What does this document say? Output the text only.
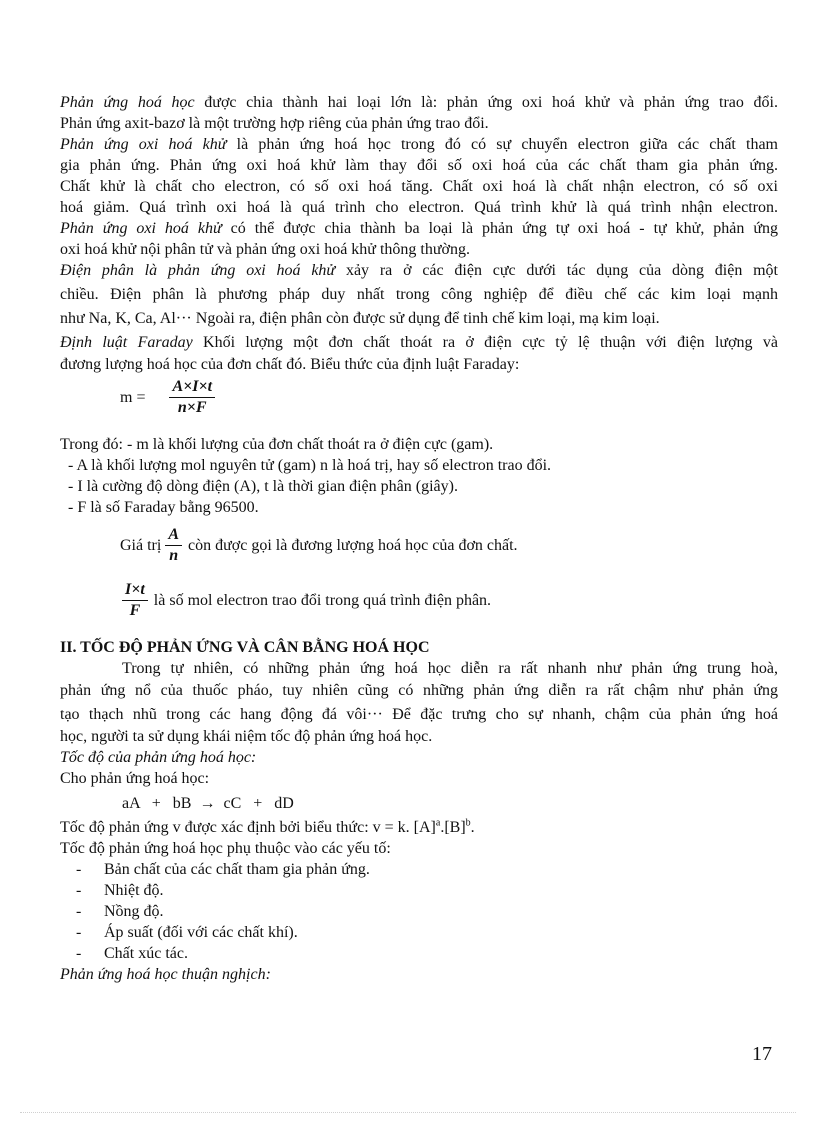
Phản ứng hoá học được chia thành hai loại lớn là: phản ứng oxi hoá khử và phản ứng trao đổi.
Phản ứng axit-bazơ là một trường hợp riêng của phản ứng trao đổi.
Phản ứng oxi hoá khử là phản ứng hoá học trong đó có sự chuyển electron giữa các chất tham
gia phản ứng. Phản ứng oxi hoá khử làm thay đổi số oxi hoá của các chất tham gia phản ứng.
Chất khử là chất cho electron, có số oxi hoá tăng. Chất oxi hoá là chất nhận electron, có số oxi
hoá giảm. Quá trình oxi hoá là quá trình cho electron. Quá trình khử là quá trình nhận electron.
Phản ứng oxi hoá khử có thể được chia thành ba loại là phản ứng tự oxi hoá - tự khử, phản ứng
oxi hoá khử nội phân tử và phản ứng oxi hoá khử thông thường.
Điện phân là phản ứng oxi hoá khử xảy ra ở các điện cực dưới tác dụng của dòng điện một
chiều. Điện phân là phương pháp duy nhất trong công nghiệp để điều chế các kim loại mạnh
như Na, K, Ca, Al··· Ngoài ra, điện phân còn được sử dụng để tinh chế kim loại, mạ kim loại.
Định luật Faraday Khối lượng một đơn chất thoát ra ở điện cực tỷ lệ thuận với điện lượng và
đương lượng hoá học của đơn chất đó. Biểu thức của định luật Faraday:
$m = \frac{A\times I\times t}{n\times F}$
Trong đó: - m là khối lượng của đơn chất thoát ra ở điện cực (gam).
- A là khối lượng mol nguyên tử (gam) n là hoá trị, hay số electron trao đổi.
- I là cường độ dòng điện (A), t là thời gian điện phân (giây).
- F là số Faraday bằng 96500.
Giá trị $\frac{A}{n}$ còn được gọi là đương lượng hoá học của đơn chất.
$\frac{I\times t}{F}$ là số mol electron trao đổi trong quá trình điện phân.
II. TỐC ĐỘ PHẢN ỨNG VÀ CÂN BẰNG HOÁ HỌC
Trong tự nhiên, có những phản ứng hoá học diễn ra rất nhanh như phản ứng trung hoà,
phản ứng nổ của thuốc pháo, tuy nhiên cũng có những phản ứng diễn ra rất chậm như phản ứng
tạo thạch nhũ trong các hang động đá vôi··· Để đặc trưng cho sự nhanh, chậm của phản ứng hoá
học, người ta sử dụng khái niệm tốc độ phản ứng hoá học.
Tốc độ của phản ứng hoá học:
Cho phản ứng hoá học:
aA   +   bB  →  cC   +   dD
Tốc độ phản ứng v được xác định bởi biểu thức: v = k. $[A]^a.[B]^b$.
Tốc độ phản ứng hoá học phụ thuộc vào các yếu tố:
- Bản chất của các chất tham gia phản ứng.
- Nhiệt độ.
- Nồng độ.
- Áp suất (đối với các chất khí).
- Chất xúc tác.
Phản ứng hoá học thuận nghịch:
17
